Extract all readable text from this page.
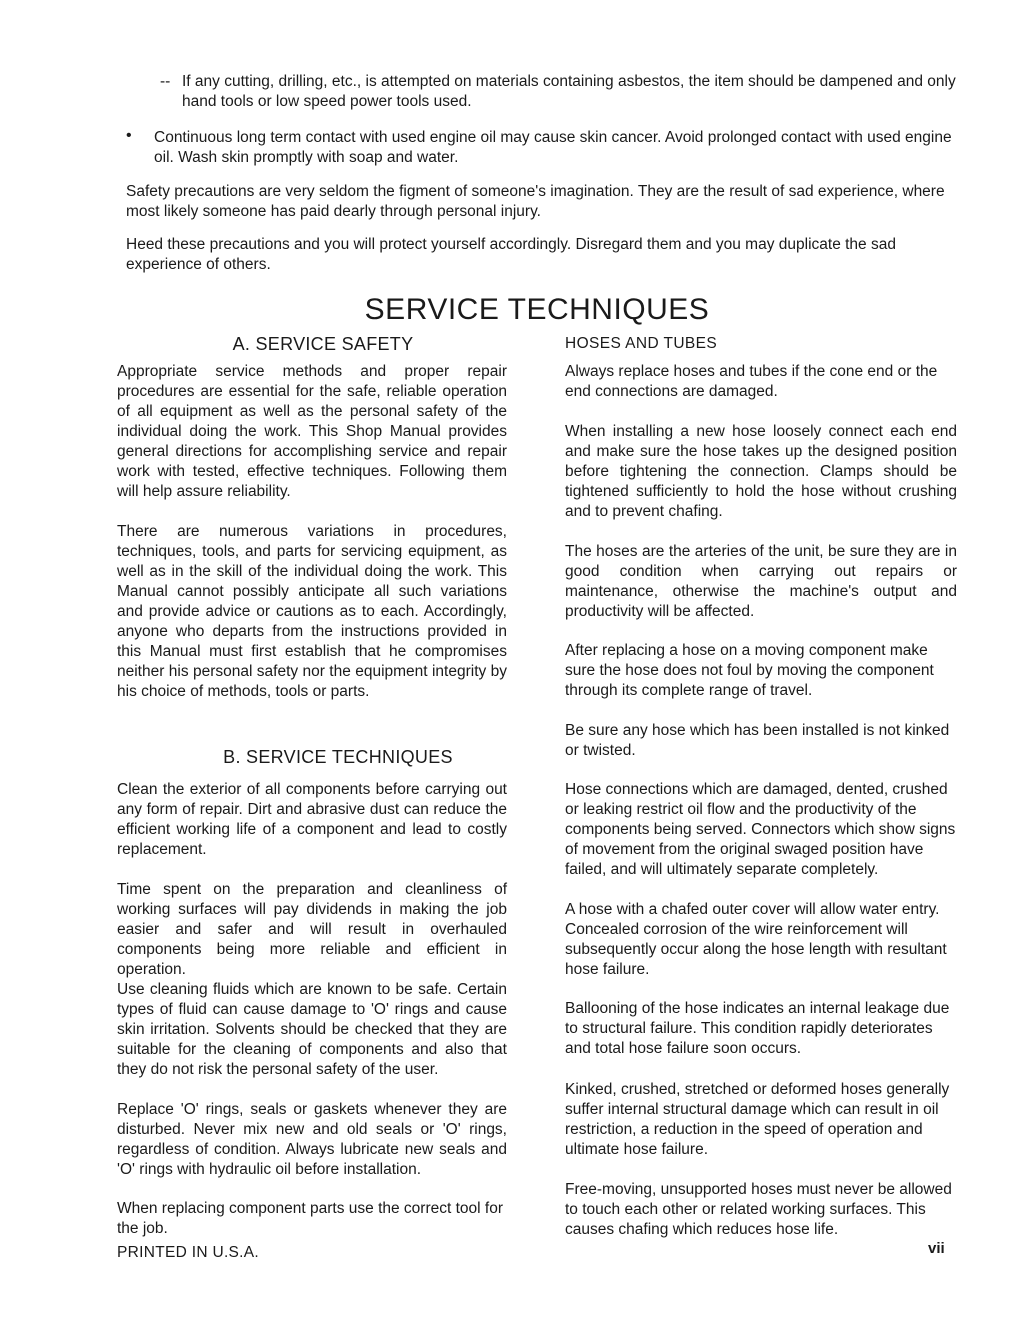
-- If any cutting, drilling, etc., is attempted on materials containing asbestos, the item should be dampened and only hand tools or low speed power tools used.

• Continuous long term contact with used engine oil may cause skin cancer. Avoid prolonged contact with used engine oil. Wash skin promptly with soap and water.

Safety precautions are very seldom the figment of someone's imagination. They are the result of sad experience, where most likely someone has paid dearly through personal injury.

Heed these precautions and you will protect yourself accordingly. Disregard them and you may duplicate the sad experience of others.

SERVICE TECHNIQUES
A. SERVICE SAFETY

Appropriate service methods and proper repair procedures are essential for the safe, reliable operation of all equipment as well as the personal safety of the individual doing the work. This Shop Manual provides general directions for accomplishing service and repair work with tested, effective techniques. Following them will help assure reliability.

There are numerous variations in procedures, techniques, tools, and parts for servicing equipment, as well as in the skill of the individual doing the work. This Manual cannot possibly anticipate all such variations and provide advice or cautions as to each. Accordingly, anyone who departs from the instructions provided in this Manual must first establish that he compromises neither his personal safety nor the equipment integrity by his choice of methods, tools or parts.

B. SERVICE TECHNIQUES

Clean the exterior of all components before carrying out any form of repair. Dirt and abrasive dust can reduce the efficient working life of a component and lead to costly replacement.

Time spent on the preparation and cleanliness of working surfaces will pay dividends in making the job easier and safer and will result in overhauled components being more reliable and efficient in operation.

Use cleaning fluids which are known to be safe. Certain types of fluid can cause damage to 'O' rings and cause skin irritation. Solvents should be checked that they are suitable for the cleaning of components and also that they do not risk the personal safety of the user.

Replace 'O' rings, seals or gaskets whenever they are disturbed. Never mix new and old seals or 'O' rings, regardless of condition. Always lubricate new seals and 'O' rings with hydraulic oil before installation.

When replacing component parts use the correct tool for the job.

HOSES AND TUBES

Always replace hoses and tubes if the cone end or the end connections are damaged.

When installing a new hose loosely connect each end and make sure the hose takes up the designed position before tightening the connection. Clamps should be tightened sufficiently to hold the hose without crushing and to prevent chafing.

The hoses are the arteries of the unit, be sure they are in good condition when carrying out repairs or maintenance, otherwise the machine's output and productivity will be affected.

After replacing a hose on a moving component make sure the hose does not foul by moving the component through its complete range of travel.

Be sure any hose which has been installed is not kinked or twisted.

Hose connections which are damaged, dented, crushed or leaking restrict oil flow and the productivity of the components being served. Connectors which show signs of movement from the original swaged position have failed, and will ultimately separate completely.

A hose with a chafed outer cover will allow water entry. Concealed corrosion of the wire reinforcement will subsequently occur along the hose length with resultant hose failure.

Ballooning of the hose indicates an internal leakage due to structural failure. This condition rapidly deteriorates and total hose failure soon occurs.

Kinked, crushed, stretched or deformed hoses generally suffer internal structural damage which can result in oil restriction, a reduction in the speed of operation and ultimate hose failure.

Free-moving, unsupported hoses must never be allowed to touch each other or related working surfaces. This causes chafing which reduces hose life.

PRINTED IN U.S.A.	vii
